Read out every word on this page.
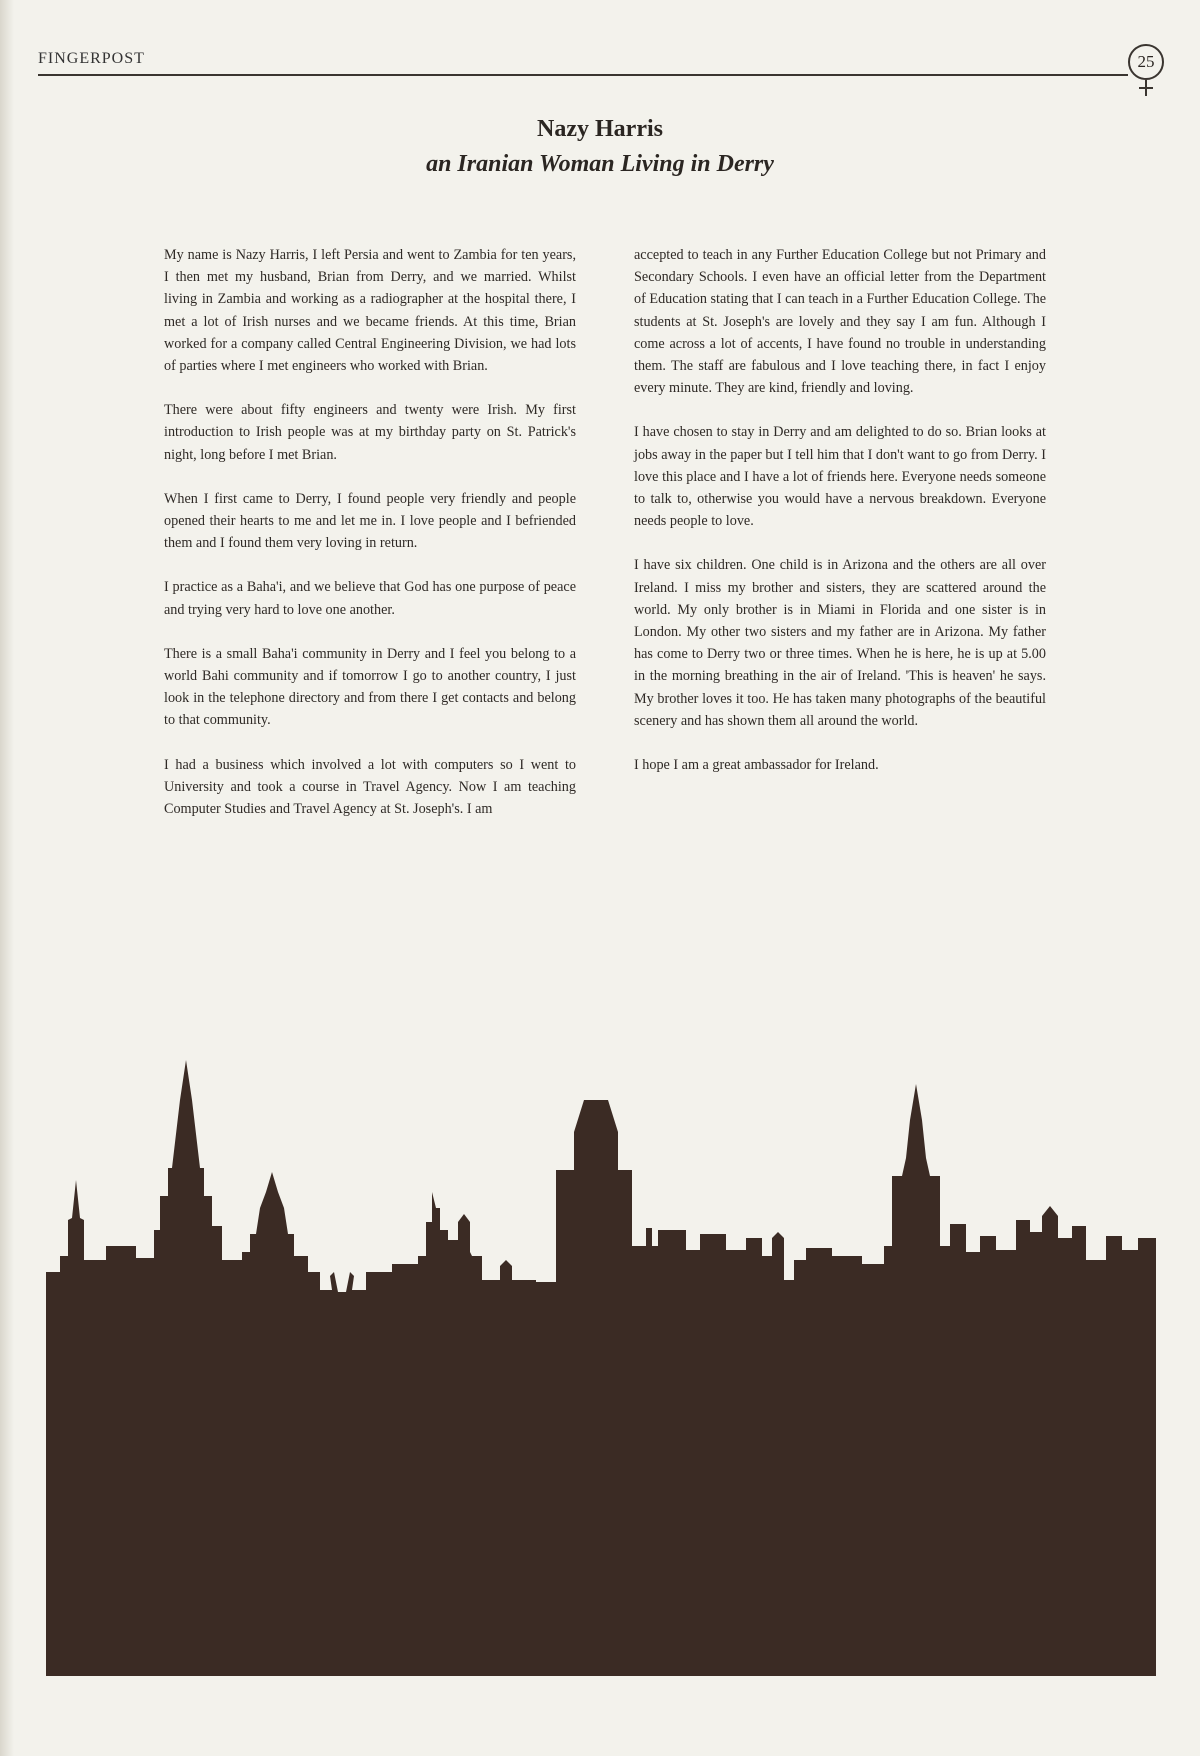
FINGERPOST	25
Nazy Harris
an Iranian Woman Living in Derry

My name is Nazy Harris, I left Persia and went to Zambia for ten years, I then met my husband, Brian from Derry, and we married. Whilst living in Zambia and working as a radiographer at the hospital there, I met a lot of Irish nurses and we became friends. At this time, Brian worked for a company called Central Engineering Division, we had lots of parties where I met engineers who worked with Brian.

There were about fifty engineers and twenty were Irish. My first introduction to Irish people was at my birthday party on St. Patrick's night, long before I met Brian.

When I first came to Derry, I found people very friendly and people opened their hearts to me and let me in. I love people and I befriended them and I found them very loving in return.

I practice as a Baha'i, and we believe that God has one purpose of peace and trying very hard to love one another.

There is a small Baha'i community in Derry and I feel you belong to a world Bahi community and if tomorrow I go to another country, I just look in the telephone directory and from there I get contacts and belong to that community.

I had a business which involved a lot with computers so I went to University and took a course in Travel Agency. Now I am teaching Computer Studies and Travel Agency at St. Joseph's. I am

accepted to teach in any Further Education College but not Primary and Secondary Schools. I even have an official letter from the Department of Education stating that I can teach in a Further Education College. The students at St. Joseph's are lovely and they say I am fun. Although I come across a lot of accents, I have found no trouble in understanding them. The staff are fabulous and I love teaching there, in fact I enjoy every minute. They are kind, friendly and loving.

I have chosen to stay in Derry and am delighted to do so. Brian looks at jobs away in the paper but I tell him that I don't want to go from Derry. I love this place and I have a lot of friends here. Everyone needs someone to talk to, otherwise you would have a nervous breakdown. Everyone needs people to love.

I have six children. One child is in Arizona and the others are all over Ireland. I miss my brother and sisters, they are scattered around the world. My only brother is in Miami in Florida and one sister is in London. My other two sisters and my father are in Arizona. My father has come to Derry two or three times. When he is here, he is up at 5.00 in the morning breathing in the air of Ireland. 'This is heaven' he says. My brother loves it too. He has taken many photographs of the beautiful scenery and has shown them all around the world.

I hope I am a great ambassador for Ireland.
